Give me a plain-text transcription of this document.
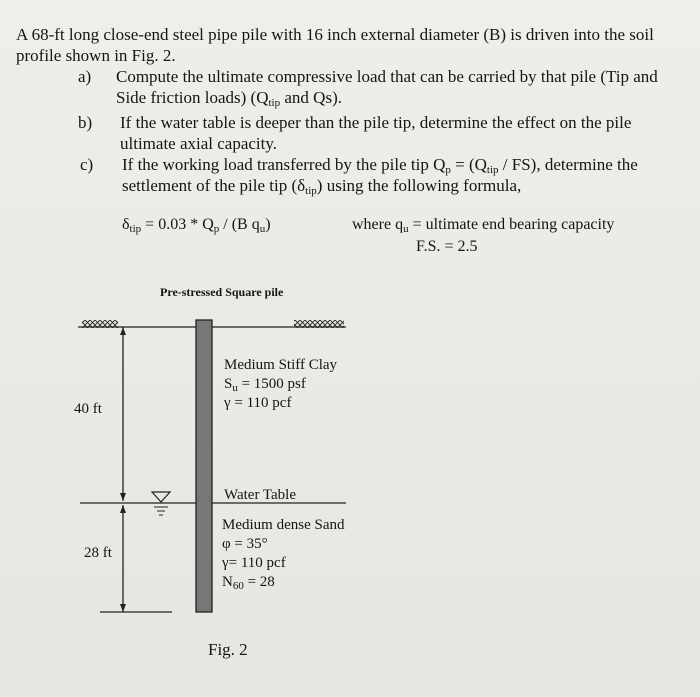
A 68-ft long close-end steel pipe pile with 16 inch external diameter (B) is driven into the soil profile shown in Fig. 2.
a) Compute the ultimate compressive load that can be carried by that pile (Tip and Side friction loads) ($Q_{tip}$ and Qs).
b) If the water table is deeper than the pile tip, determine the effect on the pile ultimate axial capacity.
c) If the working load transferred by the pile tip $Q_p = (Q_{tip} / FS)$, determine the settlement of the pile tip $(\delta_{tip})$ using the following formula,
$\delta_{tip} = 0.03 * Q_p / (B$ $q_u$)	where $q_u$ = ultimate end bearing capacity
F.S. = 2.5
Pre-stressed Square pile
40 ft
28 ft
Medium Stiff Clay
$S_u = 1500$ psf
γ = 110 pcf
Water Table
Medium dense Sand
φ = 35°
γ= 110 pcf
$N_{60} = 28$
Fig. 2
